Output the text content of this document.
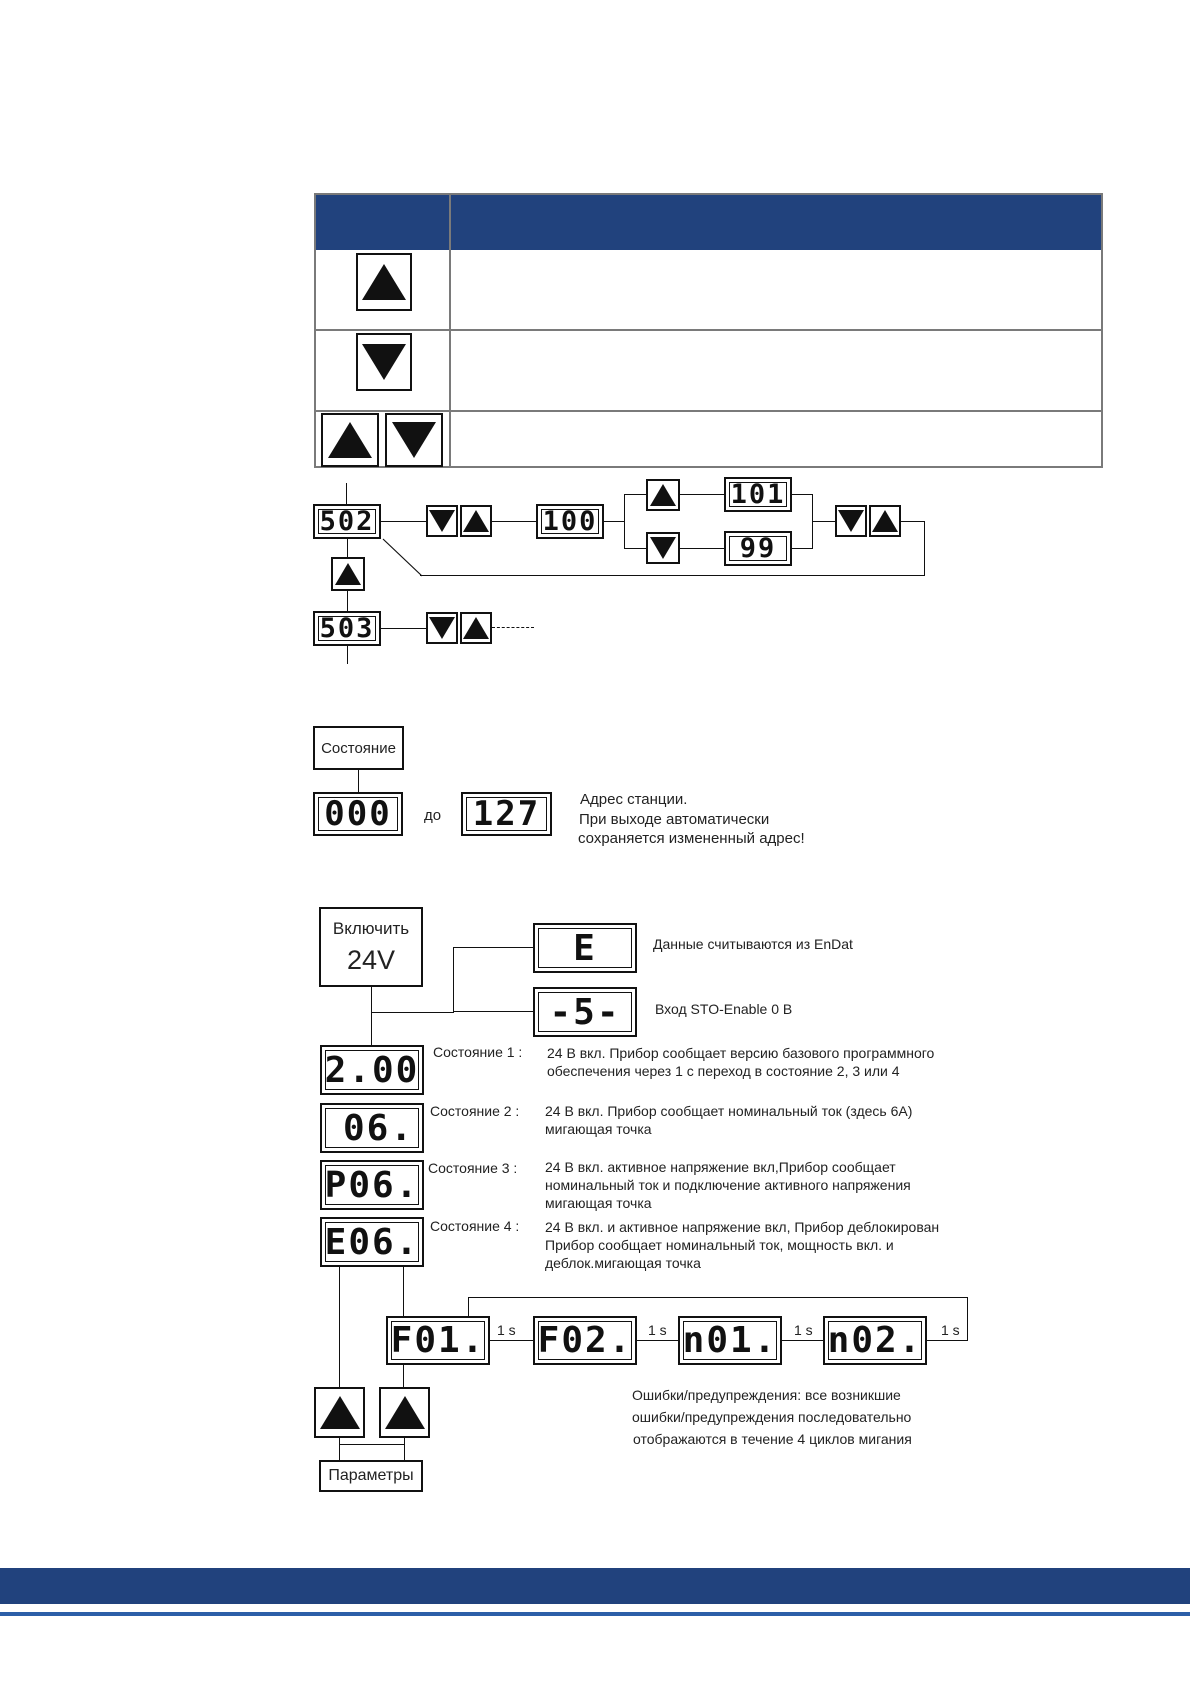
502	100
101
99
503
Состояние
000	до 127	Адрес станции.
При выходе автоматически
сохраняется измененный адрес!
Включить
24V	E	Данные считываются из EnDat
-5-	Вход STO-Enable 0 В
2.00 Состояние 1 : 24 В вкл. Прибор сообщает версию базового программного
обеспечения через 1 с переход в состояние 2, 3 или 4
06.	Состояние 2 : 24 В вкл. Прибор сообщает номинальный ток (здесь 6A)
мигающая точка
P06. Состояние 3 : 24 В вкл. активное напряжение вкл,Прибор сообщает
номинальный ток и подключение активного напряжения
мигающая точка
E06. Состояние 4 : 24 В вкл. и активное напряжение вкл, Прибор деблокирован
Прибор сообщает номинальный ток, мощность вкл. и
деблок.мигающая точка
F01. 1 s F02. 1 s n01. 1 s n02. 1 s
Ошибки/предупреждения: все возникшие
ошибки/предупреждения последовательно
отображаются в течение 4 циклов мигания
Параметры
